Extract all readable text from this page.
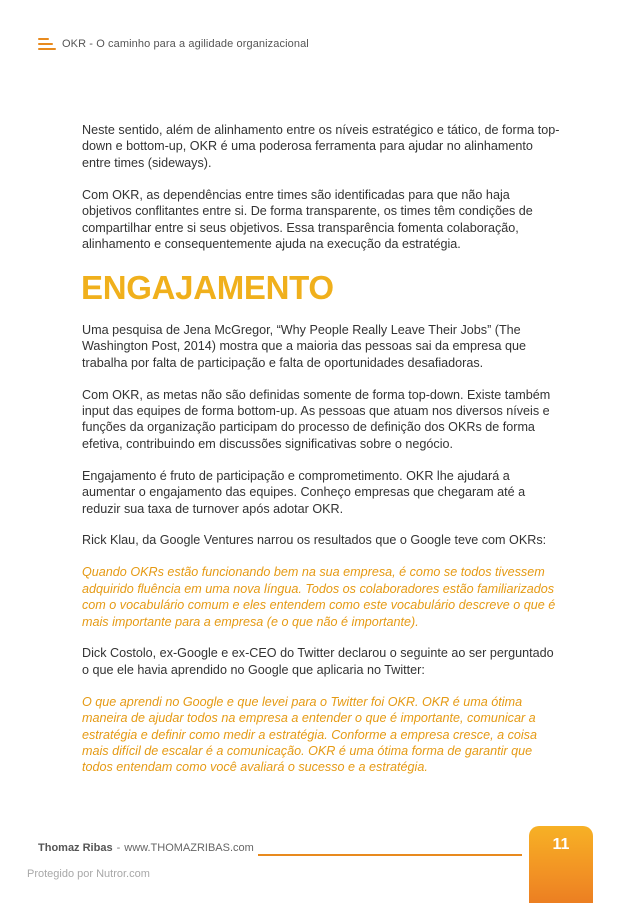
OKR - O caminho para a agilidade organizacional

Neste sentido, além de alinhamento entre os níveis estratégico e tático, de forma top-down e bottom-up, OKR é uma poderosa ferramenta para ajudar no alinhamento entre times (sideways).

Com OKR, as dependências entre times são identificadas para que não haja objetivos conflitantes entre si. De forma transparente, os times têm condições de compartilhar entre si seus objetivos. Essa transparência fomenta colaboração, alinhamento e consequentemente ajuda na execução da estratégia.

ENGAJAMENTO

Uma pesquisa de Jena McGregor, “Why People Really Leave Their Jobs” (The Washington Post, 2014) mostra que a maioria das pessoas sai da empresa que trabalha por falta de participação e falta de oportunidades desafiadoras.

Com OKR, as metas não são definidas somente de forma top-down. Existe também input das equipes de forma bottom-up. As pessoas que atuam nos diversos níveis e funções da organização participam do processo de definição dos OKRs de forma efetiva, contribuindo em discussões significativas sobre o negócio.

Engajamento é fruto de participação e comprometimento. OKR lhe ajudará a aumentar o engajamento das equipes. Conheço empresas que chegaram até a reduzir sua taxa de turnover após adotar OKR.

Rick Klau, da Google Ventures narrou os resultados que o Google teve com OKRs:

Quando OKRs estão funcionando bem na sua empresa, é como se todos tivessem adquirido fluência em uma nova língua. Todos os colaboradores estão familiarizados com o vocabulário comum e eles entendem como este vocabulário descreve o que é mais importante para a empresa (e o que não é importante).

Dick Costolo, ex-Google e ex-CEO do Twitter declarou o seguinte ao ser perguntado o que ele havia aprendido no Google que aplicaria no Twitter:

O que aprendi no Google e que levei para o Twitter foi OKR. OKR é uma ótima maneira de ajudar todos na empresa a entender o que é importante, comunicar a estratégia e definir como medir a estratégia. Conforme a empresa cresce, a coisa mais difícil de escalar é a comunicação. OKR é uma ótima forma de garantir que todos entendam como você avaliará o sucesso e a estratégia.

Thomaz Ribas - www.THOMAZRIBAS.com	11
Protegido por Nutror.com
